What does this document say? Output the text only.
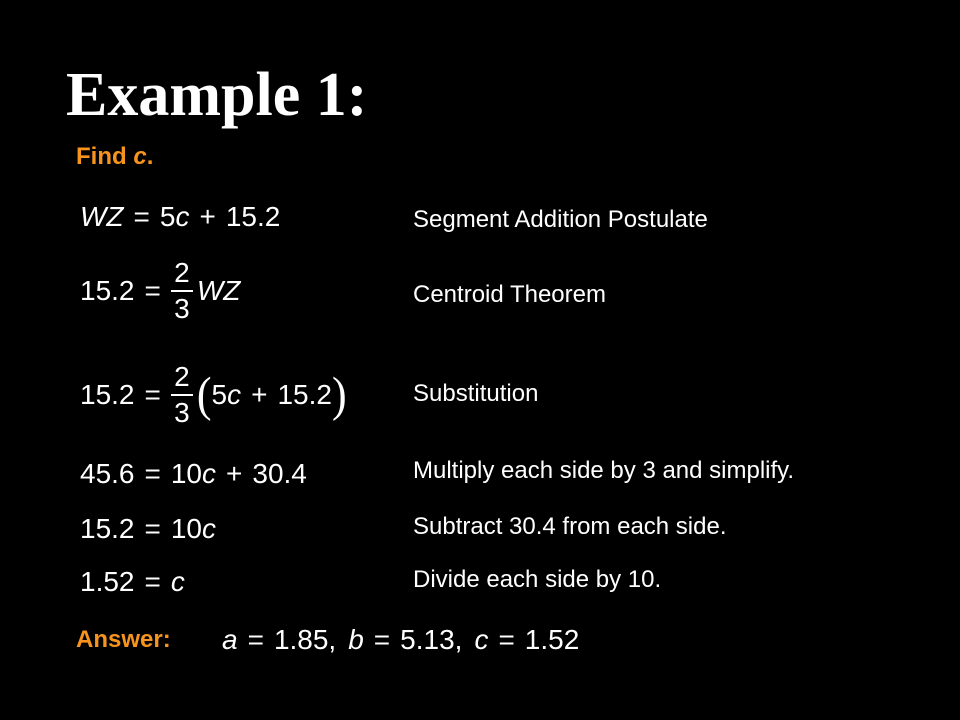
Example 1:
Find c.
WZ = 5 c + 15.2	Segment Addition Postulate
$15.2 = \frac{2}{3}$ WZ	Centroid Theorem
$15.2 = \frac{2}{3}$ ( 5 c + 15.2 )	Substitution
45.6 = 10 c + 30.4	Multiply each side by 3 and simplify.
15.2 = 10 c	Subtract 30.4 from each side.
1.52 = c	Divide each side by 10.
Answer: a = 1.85, b = 5.13, c = 1.52
